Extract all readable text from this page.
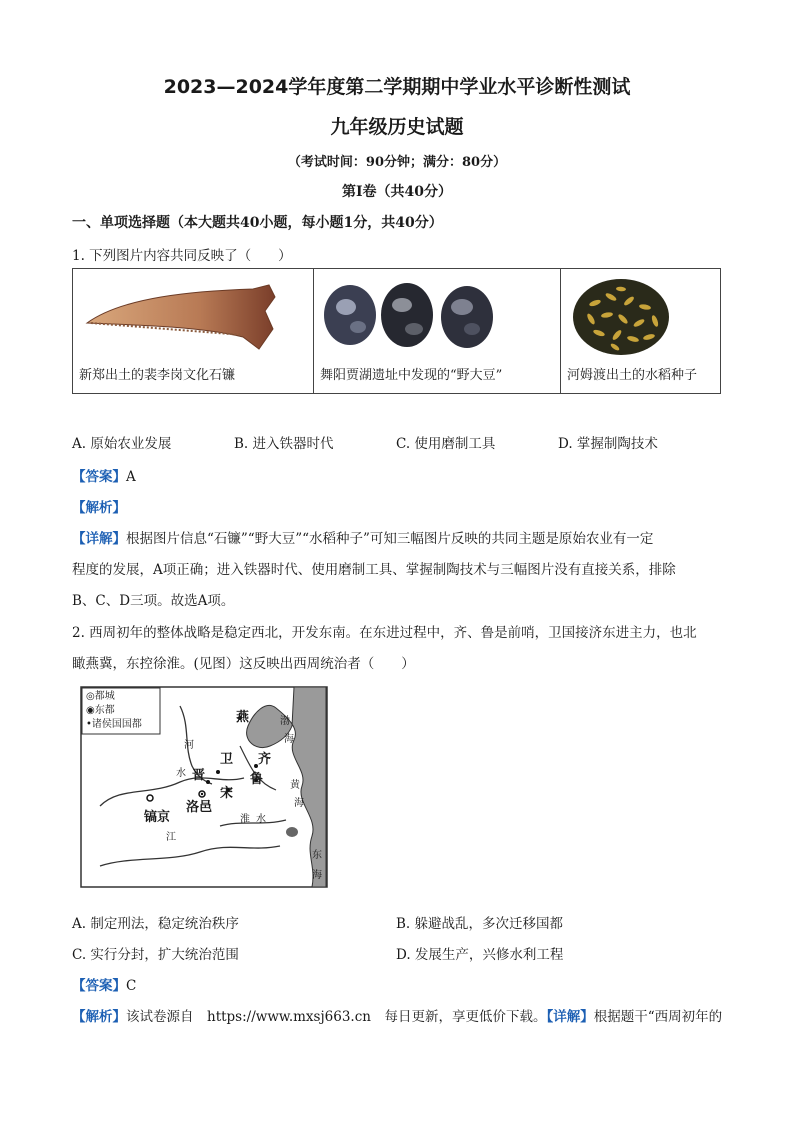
2023—2024学年度第二学期期中学业水平诊断性测试
九年级历史试题
（考试时间：90分钟；满分：80分）
第Ⅰ卷（共40分）
一、单项选择题（本大题共40小题，每小题1分，共40分）
1. 下列图片内容共同反映了（　　）
新郑出土的裴李岗文化石镰	舞阳贾湖遗址中发现的“野大豆”	河姆渡出土的水稻种子
A. 原始农业发展	B. 进入铁器时代	C. 使用磨制工具	D. 掌握制陶技术
【答案】A
【解析】
【详解】根据图片信息“石镰”“野大豆”“水稻种子”可知三幅图片反映的共同主题是原始农业有一定
程度的发展，A项正确；进入铁器时代、使用磨制工具、掌握制陶技术与三幅图片没有直接关系，排除
B、C、D三项。故选A项。
2. 西周初年的整体战略是稳定西北，开发东南。在东进过程中，齐、鲁是前哨，卫国接济东进主力，也北
瞰燕冀，东控徐淮。(见图）这反映出西周统治者（　　）
◎都城
◉东都
•诸侯国国都	燕	渤
海
河
卫
晋
齐
鲁	黄
海
水
宋
洛邑
镐京	淮 水
江
东
海
A. 制定刑法，稳定统治秩序	B. 躲避战乱，多次迁移国都
C. 实行分封，扩大统治范围	D. 发展生产，兴修水利工程
【答案】C
【解析】该试卷源自　https://www.mxsj663.cn　每日更新，享更低价下载。【详解】根据题干“西周初年的
